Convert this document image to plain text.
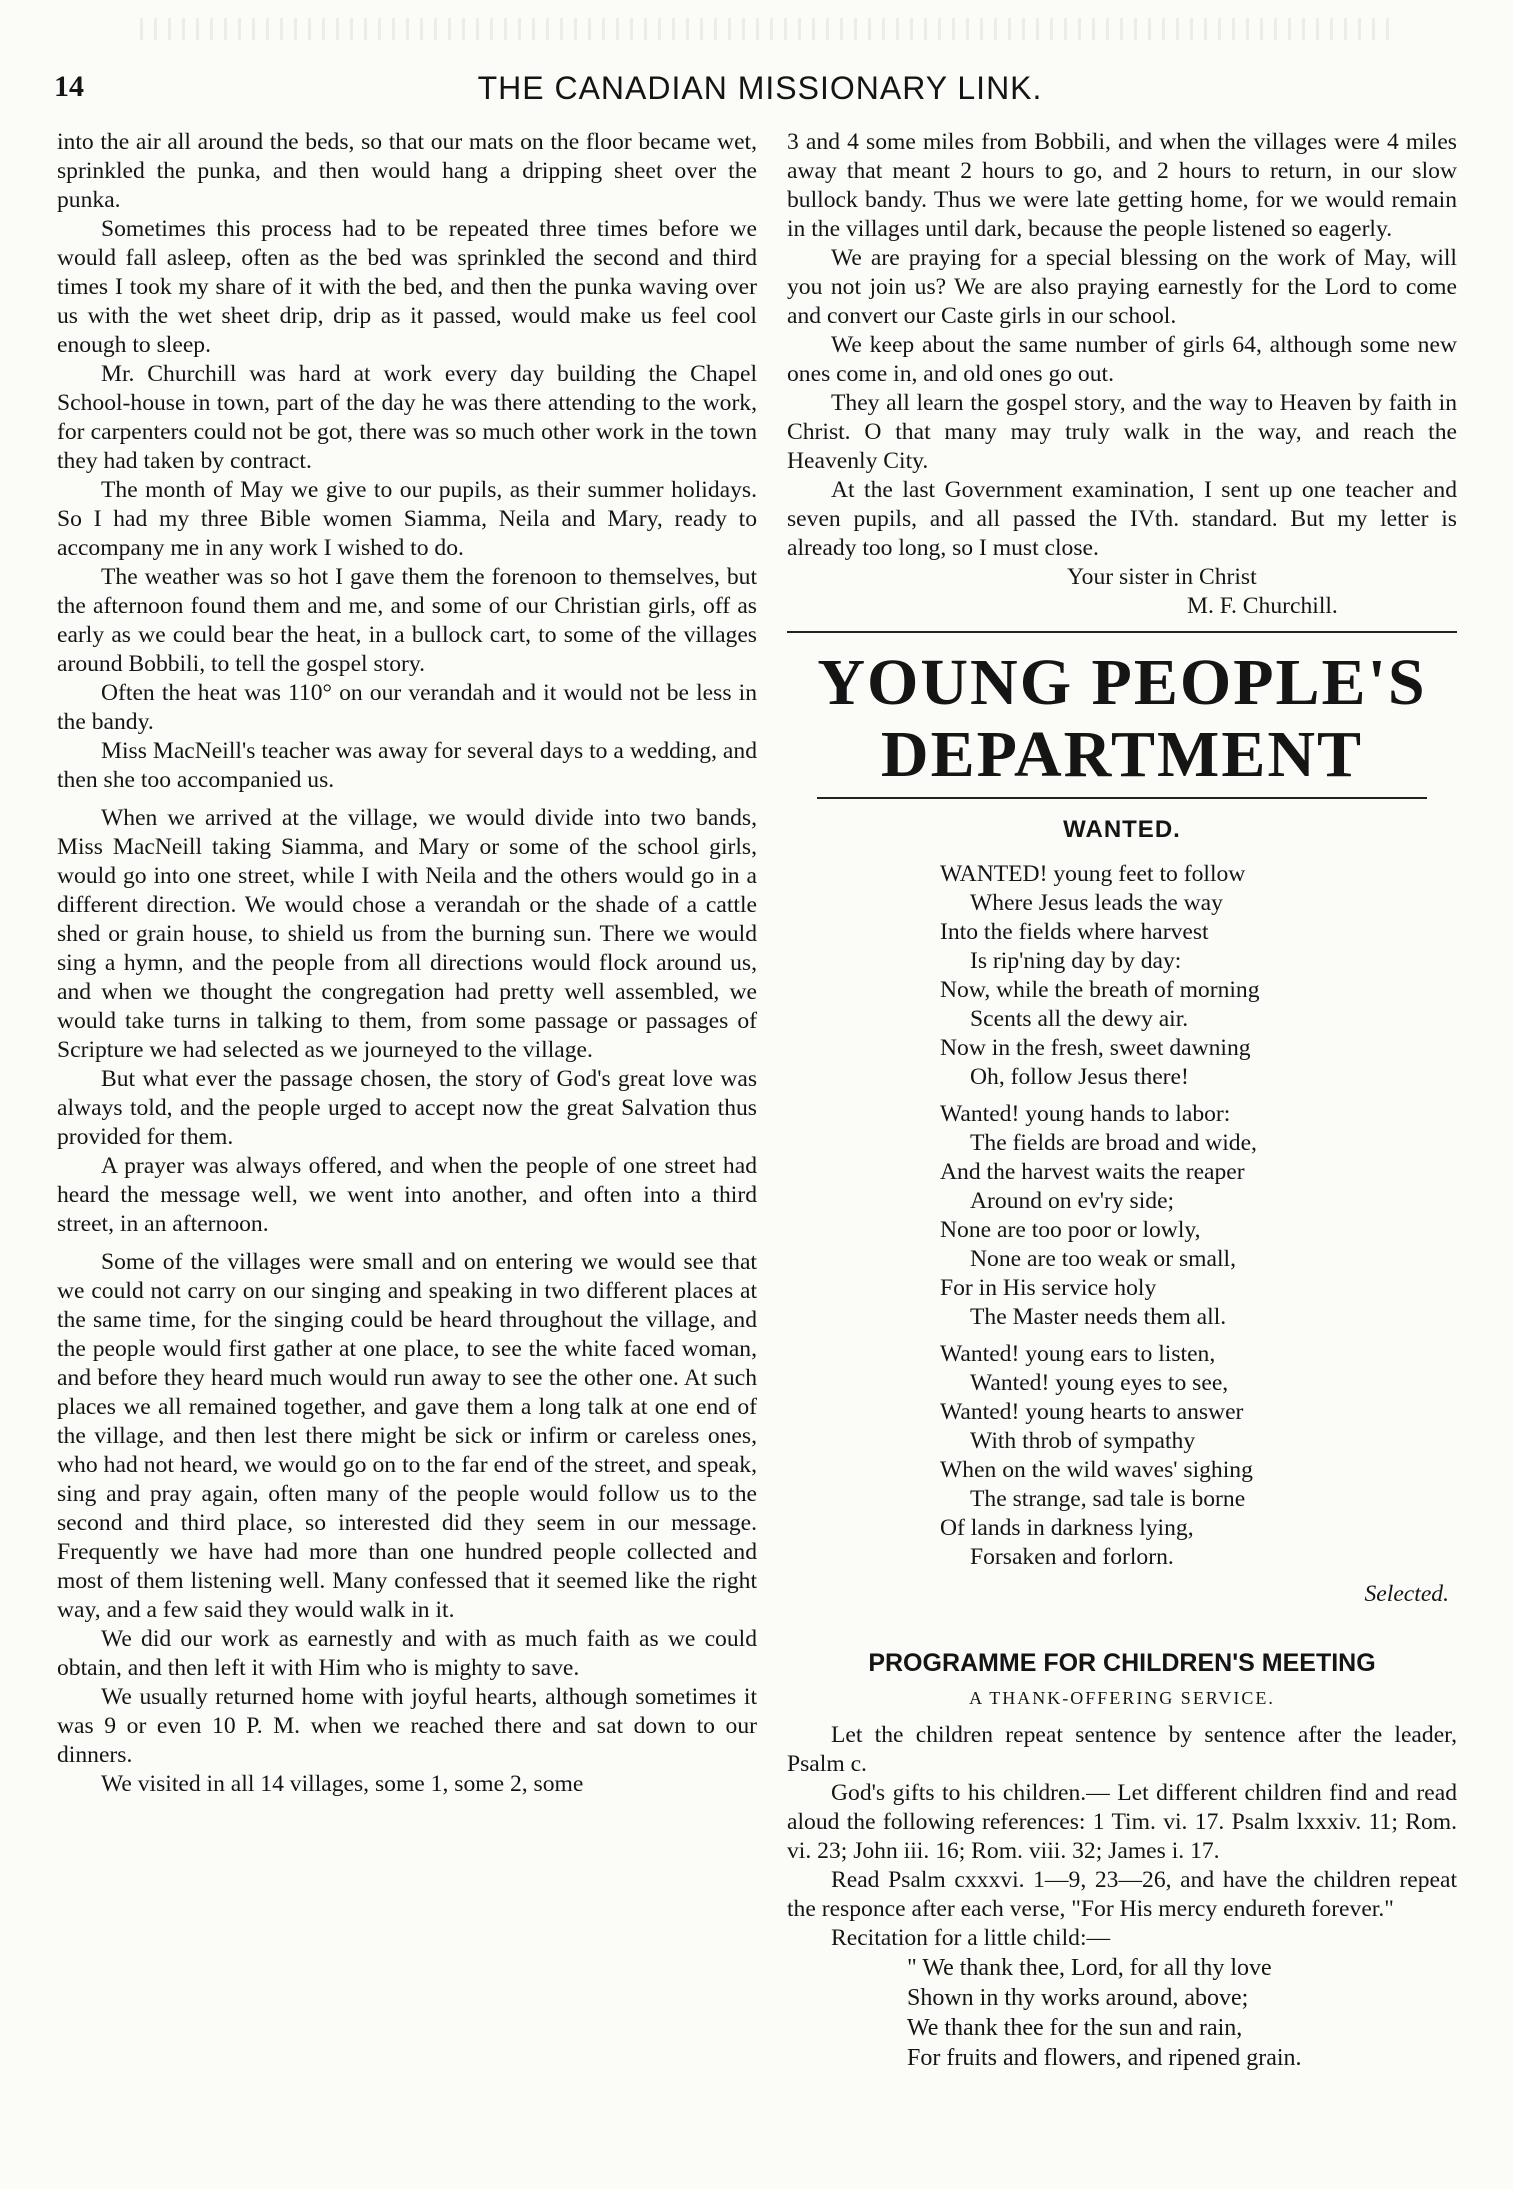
14	THE CANADIAN MISSIONARY LINK.

into the air all around the beds, so that our mats on the floor became wet, sprinkled the punka, and then would hang a dripping sheet over the punka.

Sometimes this process had to be repeated three times before we would fall asleep, often as the bed was sprinkled the second and third times I took my share of it with the bed, and then the punka waving over us with the wet sheet drip, drip as it passed, would make us feel cool enough to sleep.

Mr. Churchill was hard at work every day building the Chapel School-house in town, part of the day he was there attending to the work, for carpenters could not be got, there was so much other work in the town they had taken by contract.

The month of May we give to our pupils, as their summer holidays. So I had my three Bible women Siamma, Neila and Mary, ready to accompany me in any work I wished to do.

The weather was so hot I gave them the forenoon to themselves, but the afternoon found them and me, and some of our Christian girls, off as early as we could bear the heat, in a bullock cart, to some of the villages around Bobbili, to tell the gospel story.

Often the heat was 110° on our verandah and it would not be less in the bandy.

Miss MacNeill's teacher was away for several days to a wedding, and then she too accompanied us.

When we arrived at the village, we would divide into two bands, Miss MacNeill taking Siamma, and Mary or some of the school girls, would go into one street, while I with Neila and the others would go in a different direction. We would chose a verandah or the shade of a cattle shed or grain house, to shield us from the burning sun. There we would sing a hymn, and the people from all directions would flock around us, and when we thought the congregation had pretty well assembled, we would take turns in talking to them, from some passage or passages of Scripture we had selected as we journeyed to the village.

But what ever the passage chosen, the story of God's great love was always told, and the people urged to accept now the great Salvation thus provided for them.

A prayer was always offered, and when the people of one street had heard the message well, we went into another, and often into a third street, in an afternoon.

Some of the villages were small and on entering we would see that we could not carry on our singing and speaking in two different places at the same time, for the singing could be heard throughout the village, and the people would first gather at one place, to see the white faced woman, and before they heard much would run away to see the other one. At such places we all remained together, and gave them a long talk at one end of the village, and then lest there might be sick or infirm or careless ones, who had not heard, we would go on to the far end of the street, and speak, sing and pray again, often many of the people would follow us to the second and third place, so interested did they seem in our message. Frequently we have had more than one hundred people collected and most of them listening well. Many confessed that it seemed like the right way, and a few said they would walk in it.

We did our work as earnestly and with as much faith as we could obtain, and then left it with Him who is mighty to save.

We usually returned home with joyful hearts, although sometimes it was 9 or even 10 P. M. when we reached there and sat down to our dinners.

We visited in all 14 villages, some 1, some 2, some

3 and 4 some miles from Bobbili, and when the villages were 4 miles away that meant 2 hours to go, and 2 hours to return, in our slow bullock bandy. Thus we were late getting home, for we would remain in the villages until dark, because the people listened so eagerly.

We are praying for a special blessing on the work of May, will you not join us? We are also praying earnestly for the Lord to come and convert our Caste girls in our school.

We keep about the same number of girls 64, although some new ones come in, and old ones go out.

They all learn the gospel story, and the way to Heaven by faith in Christ. O that many may truly walk in the way, and reach the Heavenly City.

At the last Government examination, I sent up one teacher and seven pupils, and all passed the IVth. standard. But my letter is already too long, so I must close.

Your sister in Christ
M. F. Churchill.
YOUNG PEOPLE'S DEPARTMENT
WANTED.
WANTED! young feet to follow
Where Jesus leads the way
Into the fields where harvest
Is rip'ning day by day:
Now, while the breath of morning
Scents all the dewy air.
Now in the fresh, sweet dawning
Oh, follow Jesus there!
Wanted! young hands to labor:
The fields are broad and wide,
And the harvest waits the reaper
Around on ev'ry side;
None are too poor or lowly,
None are too weak or small,
For in His service holy
The Master needs them all.
Wanted! young ears to listen,
Wanted! young eyes to see,
Wanted! young hearts to answer
With throb of sympathy
When on the wild waves' sighing
The strange, sad tale is borne
Of lands in darkness lying,
Forsaken and forlorn.
Selected.
PROGRAMME FOR CHILDREN'S MEETING
A THANK-OFFERING SERVICE.

Let the children repeat sentence by sentence after the leader, Psalm c.

God's gifts to his children.— Let different children find and read aloud the following references: 1 Tim. vi. 17. Psalm lxxxiv. 11; Rom. vi. 23; John iii. 16; Rom. viii. 32; James i. 17.

Read Psalm cxxxvi. 1—9, 23—26, and have the children repeat the responce after each verse, "For His mercy endureth forever."

Recitation for a little child:—

" We thank thee, Lord, for all thy love
Shown in thy works around, above;
We thank thee for the sun and rain,
For fruits and flowers, and ripened grain.
